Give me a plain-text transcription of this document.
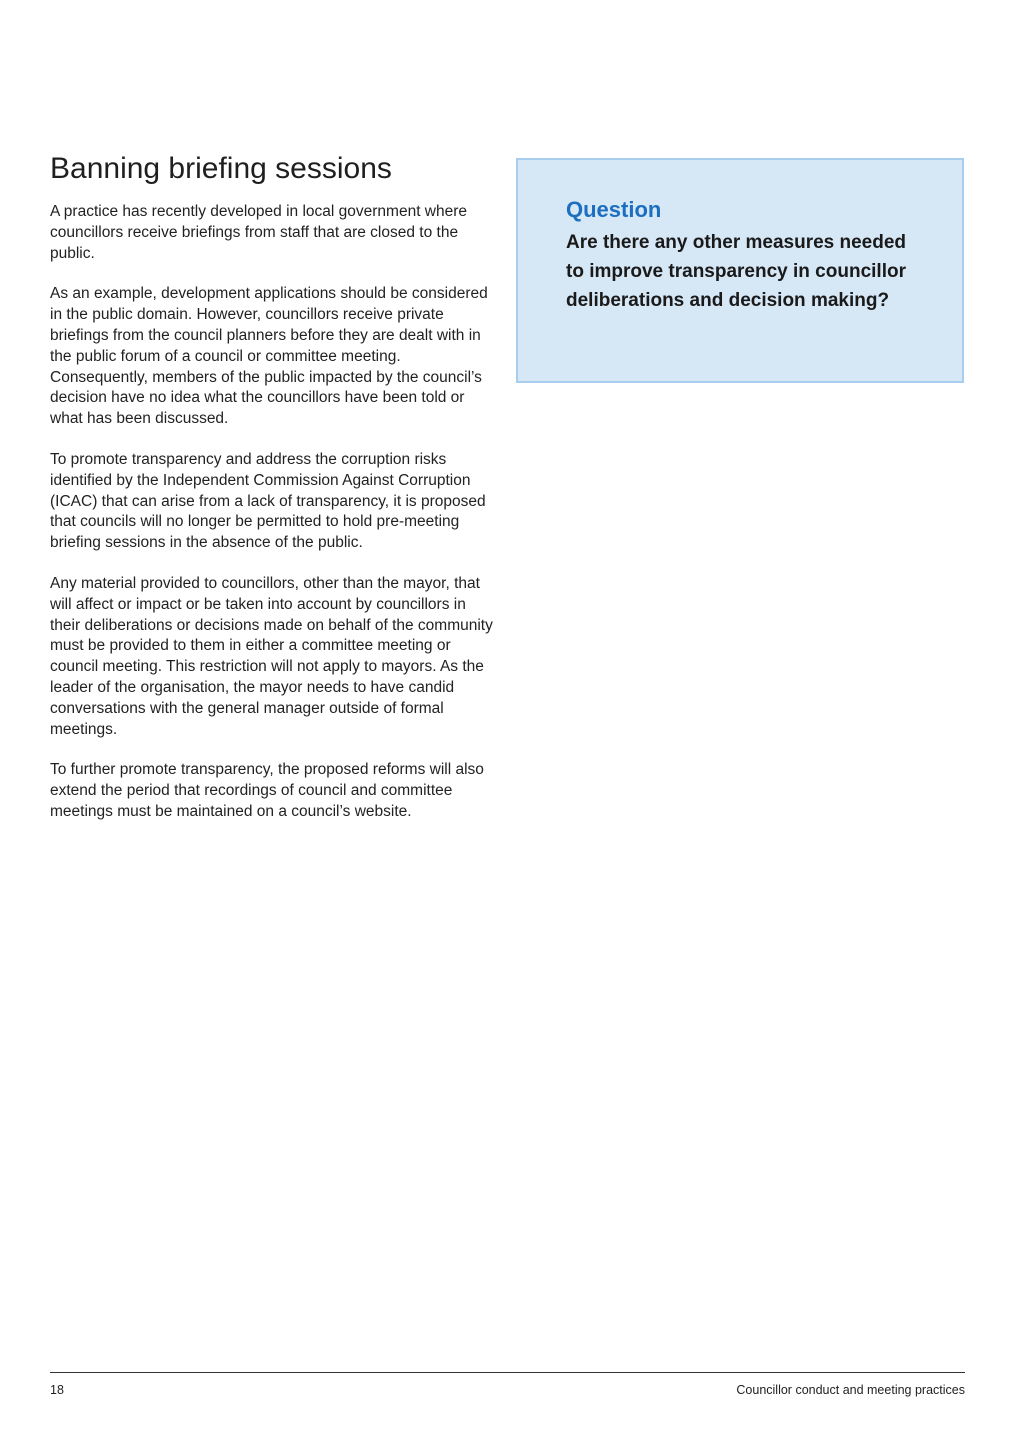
Banning briefing sessions

A practice has recently developed in local government where councillors receive briefings from staff that are closed to the public.

As an example, development applications should be considered in the public domain. However, councillors receive private briefings from the council planners before they are dealt with in the public forum of a council or committee meeting. Consequently, members of the public impacted by the council’s decision have no idea what the councillors have been told or what has been discussed.

To promote transparency and address the corruption risks identified by the Independent Commission Against Corruption (ICAC) that can arise from a lack of transparency, it is proposed that councils will no longer be permitted to hold pre-meeting briefing sessions in the absence of the public.

Any material provided to councillors, other than the mayor, that will affect or impact or be taken into account by councillors in their deliberations or decisions made on behalf of the community must be provided to them in either a committee meeting or council meeting. This restriction will not apply to mayors. As the leader of the organisation, the mayor needs to have candid conversations with the general manager outside of formal meetings.

To further promote transparency, the proposed reforms will also extend the period that recordings of council and committee meetings must be maintained on a council’s website.

Question

Are there any other measures needed to improve transparency in councillor deliberations and decision making?

18	Councillor conduct and meeting practices
